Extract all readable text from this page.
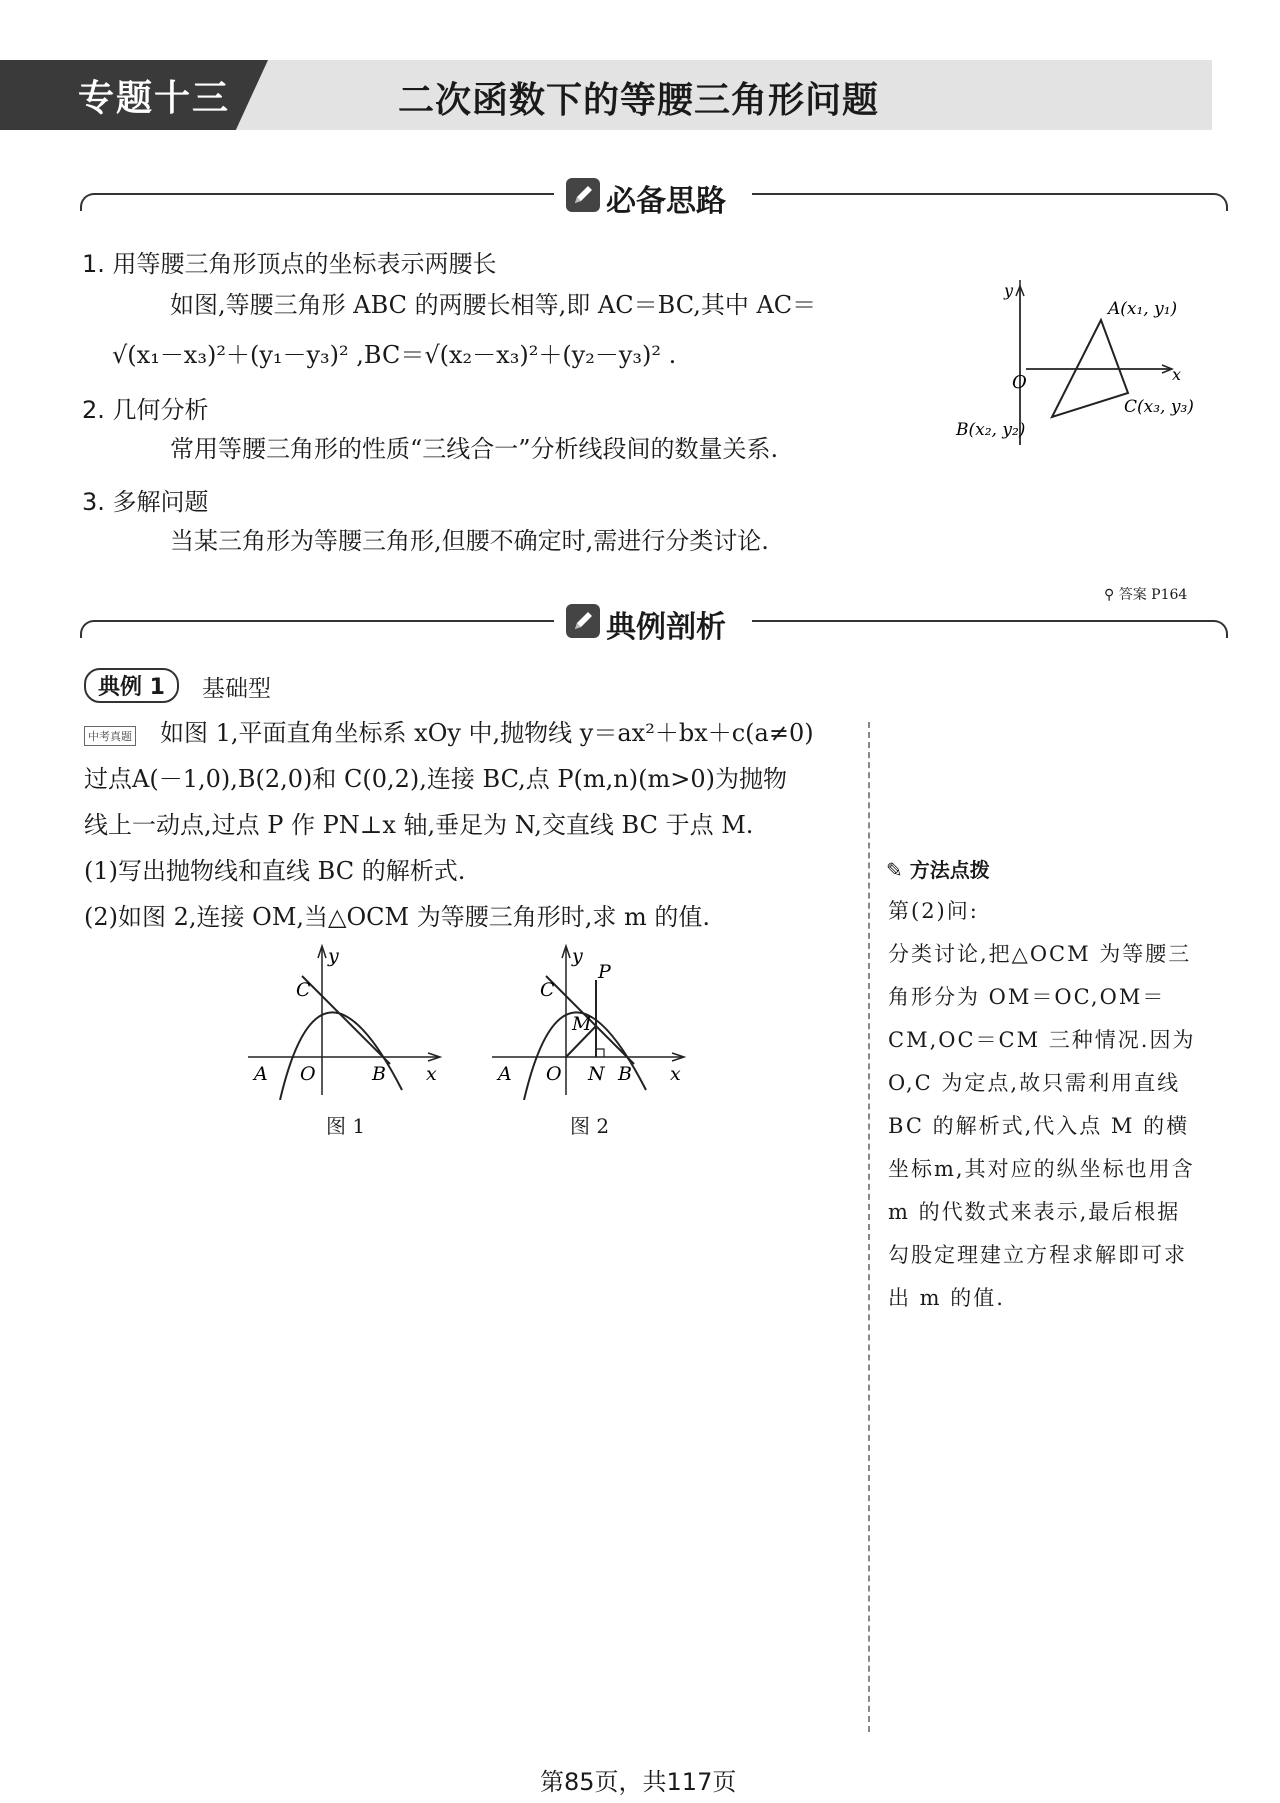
专题十三	二次函数下的等腰三角形问题
必备思路
1. 用等腰三角形顶点的坐标表示两腰长
如图,等腰三角形 ABC 的两腰长相等,即 AC＝BC,其中 AC＝
√(x₁－x₃)²＋(y₁－y₃)² ,BC＝√(x₂－x₃)²＋(y₂－y₃)² .
2. 几何分析
常用等腰三角形的性质“三线合一”分析线段间的数量关系.
3. 多解问题
当某三角形为等腰三角形,但腰不确定时,需进行分类讨论.
y
x
O
A(x₁, y₁)
B(x₂, y₂)
C(x₃, y₃)
⚲ 答案 P164
典例剖析
典例 1	基础型
中考真题 如图 1,平面直角坐标系 xOy 中,抛物线 y＝ax²＋bx＋c(a≠0)
过点A(－1,0),B(2,0)和 C(0,2),连接 BC,点 P(m,n)(m>0)为抛物
线上一动点,过点 P 作 PN⊥x 轴,垂足为 N,交直线 BC 于点 M.
(1)写出抛物线和直线 BC 的解析式.
(2)如图 2,连接 OM,当△OCM 为等腰三角形时,求 m 的值.
y
x
C
A O	B
图 1
y
x
C
P
M
A O N B
图 2
✎ 方法点拨
第(2)问:
分类讨论,把△OCM 为等腰三
角形分为 OM＝OC,OM＝
CM,OC＝CM 三种情况.因为
O,C 为定点,故只需利用直线
BC 的解析式,代入点 M 的横
坐标m,其对应的纵坐标也用含
m 的代数式来表示,最后根据
勾股定理建立方程求解即可求
出 m 的值.
第85页，共117页
